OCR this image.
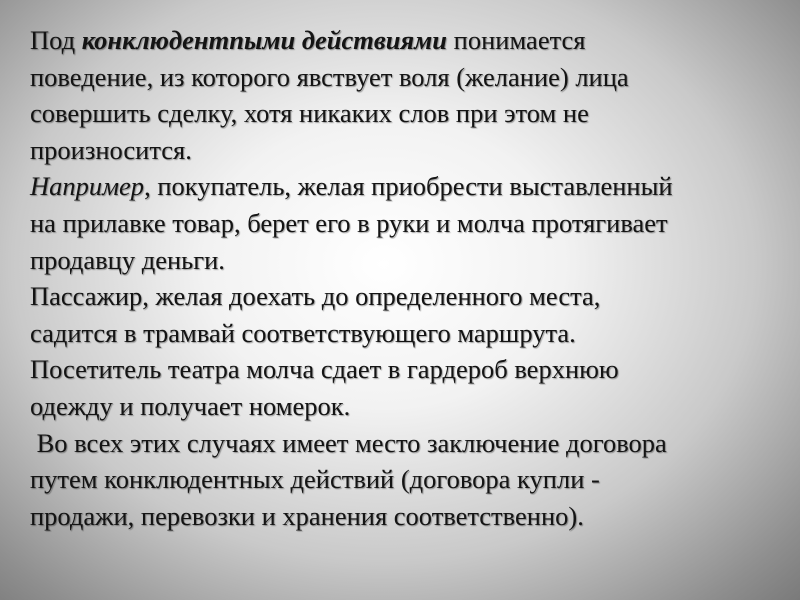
Под конклюдентпыми действиями понимается
поведение, из которого явствует воля (желание) лица
совершить сделку, хотя никаких слов при этом не
произносится.
Например, покупатель, желая приобрести выставленный
на прилавке товар, берет его в руки и молча протягивает
продавцу деньги.
Пассажир, желая доехать до определенного места,
садится в трамвай соответствующего маршрута.
Посетитель театра молча сдает в гардероб верхнюю
одежду и получает номерок.
Во всех этих случаях имеет место заключение договора
путем конклюдентных действий (договора купли -
продажи, перевозки и хранения соответственно).
